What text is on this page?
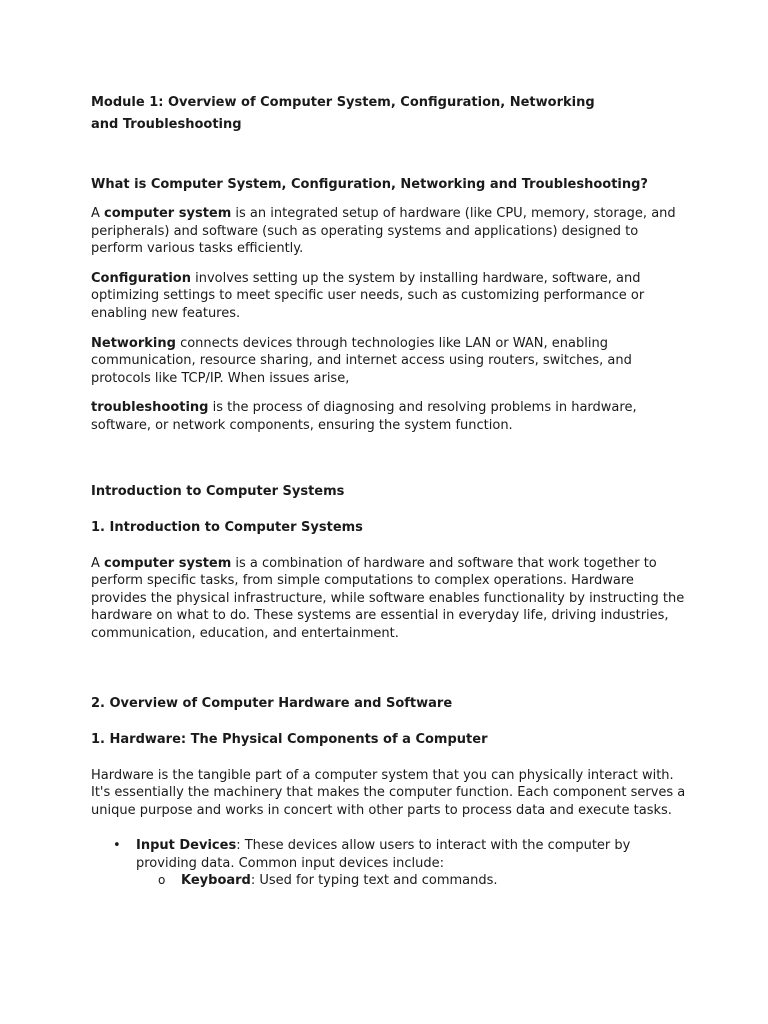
Module 1: Overview of Computer System, Configuration, Networking and Troubleshooting

What is Computer System, Configuration, Networking and Troubleshooting?

A computer system is an integrated setup of hardware (like CPU, memory, storage, and peripherals) and software (such as operating systems and applications) designed to perform various tasks efficiently.

Configuration involves setting up the system by installing hardware, software, and optimizing settings to meet specific user needs, such as customizing performance or enabling new features.

Networking connects devices through technologies like LAN or WAN, enabling communication, resource sharing, and internet access using routers, switches, and protocols like TCP/IP. When issues arise,

troubleshooting is the process of diagnosing and resolving problems in hardware, software, or network components, ensuring the system function.

Introduction to Computer Systems

1. Introduction to Computer Systems

A computer system is a combination of hardware and software that work together to perform specific tasks, from simple computations to complex operations. Hardware provides the physical infrastructure, while software enables functionality by instructing the hardware on what to do. These systems are essential in everyday life, driving industries, communication, education, and entertainment.

2. Overview of Computer Hardware and Software

1. Hardware: The Physical Components of a Computer

Hardware is the tangible part of a computer system that you can physically interact with. It's essentially the machinery that makes the computer function. Each component serves a unique purpose and works in concert with other parts to process data and execute tasks.

• Input Devices: These devices allow users to interact with the computer by providing data. Common input devices include:
o Keyboard: Used for typing text and commands.
